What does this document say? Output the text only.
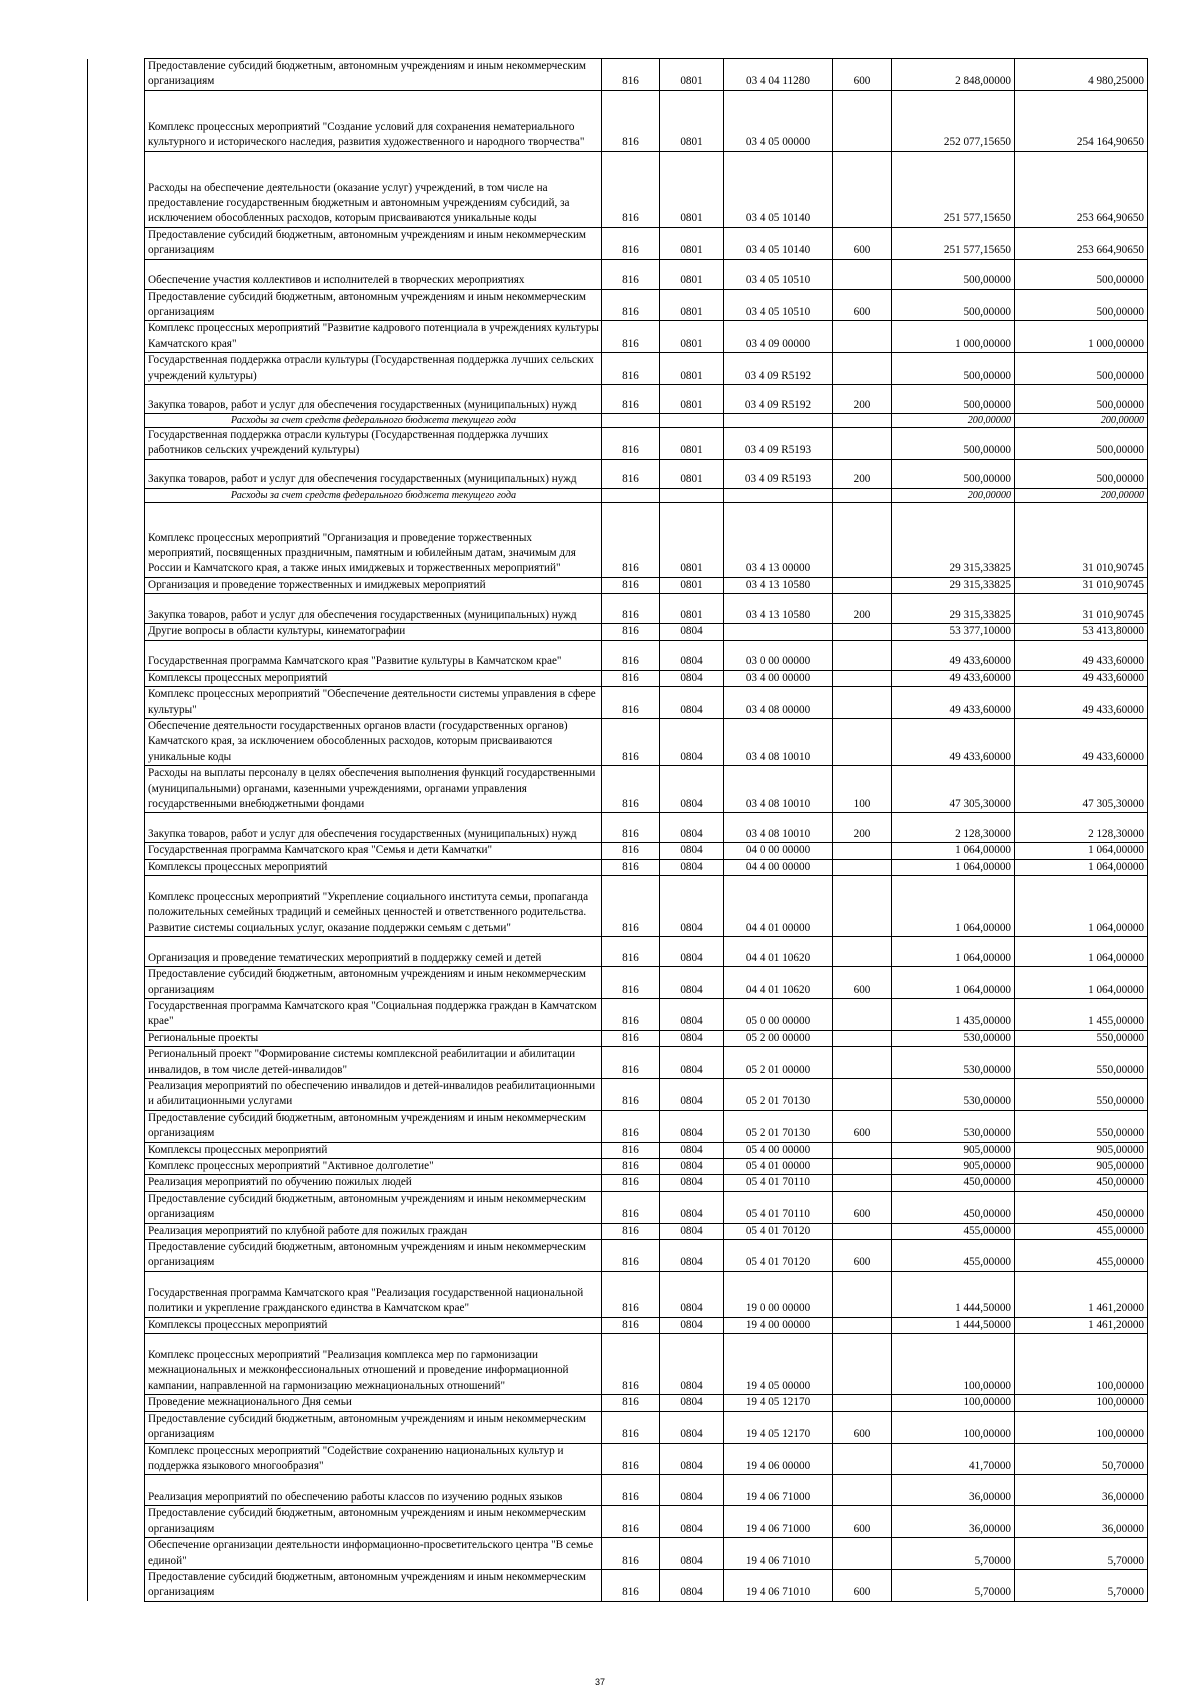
	Предоставление субсидий бюджетным, автономным учреждениям и иным некоммерческим организациям	816	0801	03 4 04 11280	600	2 848,00000	4 980,25000
	Комплекс процессных мероприятий "Создание условий для сохранения нематериального культурного и исторического наследия, развития художественного и народного творчества"	816	0801	03 4 05 00000		252 077,15650	254 164,90650
	Расходы на обеспечение деятельности (оказание услуг) учреждений, в том числе на предоставление государственным бюджетным и автономным учреждениям субсидий, за исключением обособленных расходов, которым присваиваются уникальные коды	816	0801	03 4 05 10140		251 577,15650	253 664,90650
	Предоставление субсидий бюджетным, автономным учреждениям и иным некоммерческим организациям	816	0801	03 4 05 10140	600	251 577,15650	253 664,90650
	Обеспечение участия коллективов и исполнителей в творческих мероприятиях	816	0801	03 4 05 10510		500,00000	500,00000
	Предоставление субсидий бюджетным, автономным учреждениям и иным некоммерческим организациям	816	0801	03 4 05 10510	600	500,00000	500,00000
	Комплекс процессных мероприятий "Развитие кадрового потенциала в учреждениях культуры Камчатского края"	816	0801	03 4 09 00000		1 000,00000	1 000,00000
	Государственная поддержка отрасли культуры (Государственная поддержка лучших сельских учреждений культуры)	816	0801	03 4 09 R5192		500,00000	500,00000
	Закупка товаров, работ и услуг для обеспечения государственных (муниципальных) нужд	816	0801	03 4 09 R5192	200	500,00000	500,00000
	Расходы за счет средств федерального бюджета текущего года					200,00000	200,00000
	Государственная поддержка отрасли культуры (Государственная поддержка лучших работников сельских учреждений культуры)	816	0801	03 4 09 R5193		500,00000	500,00000
	Закупка товаров, работ и услуг для обеспечения государственных (муниципальных) нужд	816	0801	03 4 09 R5193	200	500,00000	500,00000
	Расходы за счет средств федерального бюджета текущего года					200,00000	200,00000
	Комплекс процессных мероприятий "Организация и проведение торжественных мероприятий, посвященных праздничным, памятным и юбилейным датам, значимым для России и Камчатского края, а также иных имиджевых и торжественных мероприятий"	816	0801	03 4 13 00000		29 315,33825	31 010,90745
	Организация и проведение торжественных и имиджевых мероприятий	816	0801	03 4 13 10580		29 315,33825	31 010,90745
	Закупка товаров, работ и услуг для обеспечения государственных (муниципальных) нужд	816	0801	03 4 13 10580	200	29 315,33825	31 010,90745
	Другие вопросы в области культуры, кинематографии	816	0804			53 377,10000	53 413,80000
	Государственная программа Камчатского края "Развитие культуры в Камчатском крае"	816	0804	03 0 00 00000		49 433,60000	49 433,60000
	Комплексы процессных мероприятий	816	0804	03 4 00 00000		49 433,60000	49 433,60000
	Комплекс процессных мероприятий "Обеспечение деятельности системы управления в сфере культуры"	816	0804	03 4 08 00000		49 433,60000	49 433,60000
	Обеспечение деятельности государственных органов власти (государственных органов) Камчатского края, за исключением обособленных расходов, которым присваиваются уникальные коды	816	0804	03 4 08 10010		49 433,60000	49 433,60000
	Расходы на выплаты персоналу в целях обеспечения выполнения функций государственными (муниципальными) органами, казенными учреждениями, органами управления государственными внебюджетными фондами	816	0804	03 4 08 10010	100	47 305,30000	47 305,30000
	Закупка товаров, работ и услуг для обеспечения государственных (муниципальных) нужд	816	0804	03 4 08 10010	200	2 128,30000	2 128,30000
	Государственная программа Камчатского края "Семья и дети Камчатки"	816	0804	04 0 00 00000		1 064,00000	1 064,00000
	Комплексы процессных мероприятий	816	0804	04 4 00 00000		1 064,00000	1 064,00000
	Комплекс процессных мероприятий "Укрепление социального института семьи, пропаганда положительных семейных традиций и семейных ценностей и ответственного родительства. Развитие системы социальных услуг, оказание поддержки семьям с детьми"	816	0804	04 4 01 00000		1 064,00000	1 064,00000
	Организация и проведение тематических мероприятий в поддержку семей и детей	816	0804	04 4 01 10620		1 064,00000	1 064,00000
	Предоставление субсидий бюджетным, автономным учреждениям и иным некоммерческим организациям	816	0804	04 4 01 10620	600	1 064,00000	1 064,00000
	Государственная программа Камчатского края "Социальная поддержка граждан в Камчатском крае"	816	0804	05 0 00 00000		1 435,00000	1 455,00000
	Региональные проекты	816	0804	05 2 00 00000		530,00000	550,00000
	Региональный проект "Формирование системы комплексной реабилитации и абилитации инвалидов, в том числе детей-инвалидов"	816	0804	05 2 01 00000		530,00000	550,00000
	Реализация мероприятий по обеспечению инвалидов и детей-инвалидов реабилитационными и абилитационными услугами	816	0804	05 2 01 70130		530,00000	550,00000
	Предоставление субсидий бюджетным, автономным учреждениям и иным некоммерческим организациям	816	0804	05 2 01 70130	600	530,00000	550,00000
	Комплексы процессных мероприятий	816	0804	05 4 00 00000		905,00000	905,00000
	Комплекс процессных мероприятий "Активное долголетие"	816	0804	05 4 01 00000		905,00000	905,00000
	Реализация мероприятий по обучению пожилых людей	816	0804	05 4 01 70110		450,00000	450,00000
	Предоставление субсидий бюджетным, автономным учреждениям и иным некоммерческим организациям	816	0804	05 4 01 70110	600	450,00000	450,00000
	Реализация мероприятий по клубной работе для пожилых граждан	816	0804	05 4 01 70120		455,00000	455,00000
	Предоставление субсидий бюджетным, автономным учреждениям и иным некоммерческим организациям	816	0804	05 4 01 70120	600	455,00000	455,00000
	Государственная программа Камчатского края "Реализация государственной национальной политики и укрепление гражданского единства в Камчатском крае"	816	0804	19 0 00 00000		1 444,50000	1 461,20000
	Комплексы процессных мероприятий	816	0804	19 4 00 00000		1 444,50000	1 461,20000
	Комплекс процессных мероприятий "Реализация комплекса мер по гармонизации межнациональных и межконфессиональных отношений и проведение информационной кампании, направленной на гармонизацию межнациональных отношений"	816	0804	19 4 05 00000		100,00000	100,00000
	Проведение межнационального Дня семьи	816	0804	19 4 05 12170		100,00000	100,00000
	Предоставление субсидий бюджетным, автономным учреждениям и иным некоммерческим организациям	816	0804	19 4 05 12170	600	100,00000	100,00000
	Комплекс процессных мероприятий "Содействие сохранению национальных культур и поддержка языкового многообразия"	816	0804	19 4 06 00000		41,70000	50,70000
	Реализация мероприятий по обеспечению работы классов по изучению родных языков	816	0804	19 4 06 71000		36,00000	36,00000
	Предоставление субсидий бюджетным, автономным учреждениям и иным некоммерческим организациям	816	0804	19 4 06 71000	600	36,00000	36,00000
	Обеспечение организации деятельности информационно-просветительского центра "В семье единой"	816	0804	19 4 06 71010		5,70000	5,70000
	Предоставление субсидий бюджетным, автономным учреждениям и иным некоммерческим организациям	816	0804	19 4 06 71010	600	5,70000	5,70000
37
